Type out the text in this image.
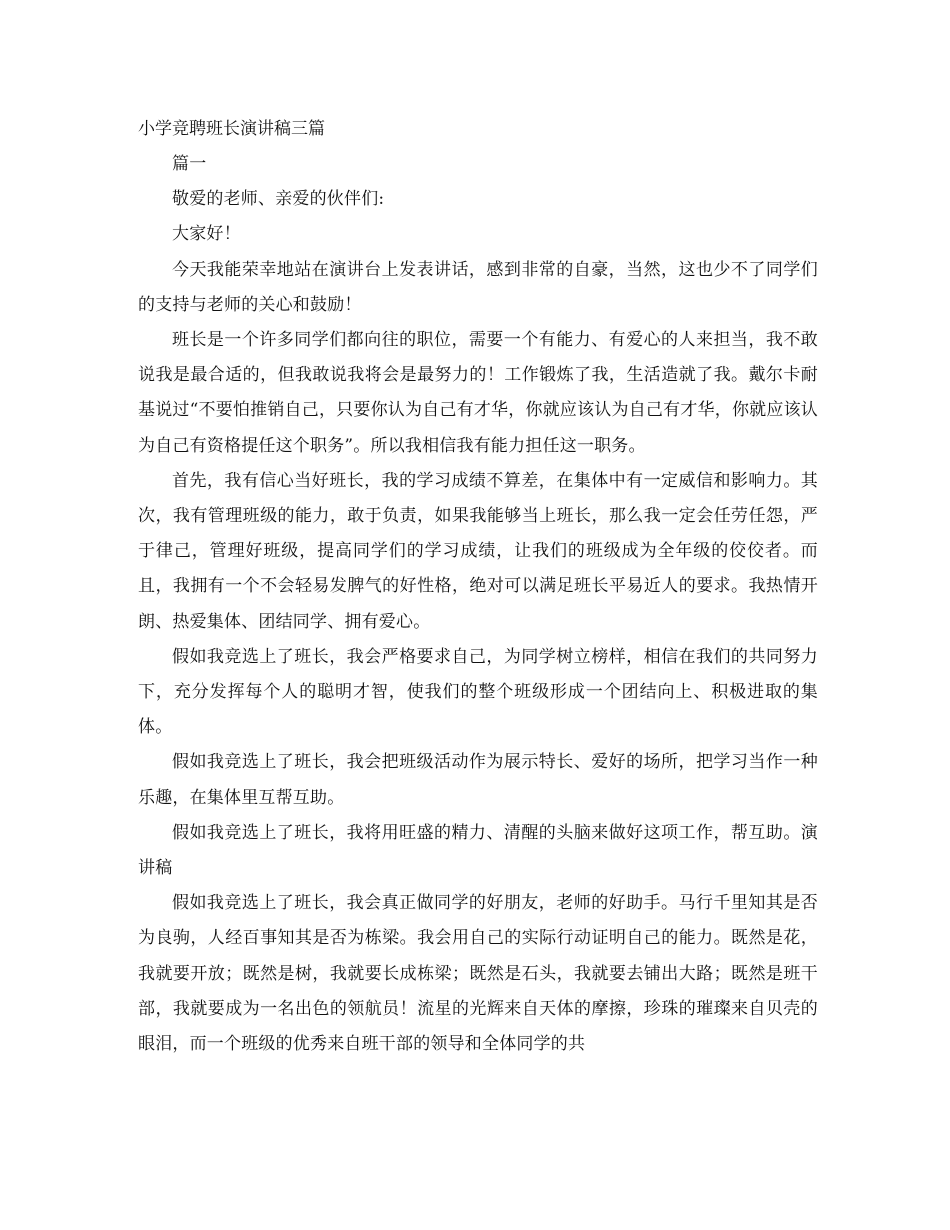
小学竞聘班长演讲稿三篇

篇一

敬爱的老师、亲爱的伙伴们:

大家好！

今天我能荣幸地站在演讲台上发表讲话，感到非常的自豪，当然，这也少不了同学们的支持与老师的关心和鼓励！

班长是一个许多同学们都向往的职位，需要一个有能力、有爱心的人来担当，我不敢说我是最合适的，但我敢说我将会是最努力的！工作锻炼了我，生活造就了我。戴尔卡耐基说过“不要怕推销自己，只要你认为自己有才华，你就应该认为自己有才华，你就应该认为自己有资格提任这个职务”。所以我相信我有能力担任这一职务。

首先，我有信心当好班长，我的学习成绩不算差，在集体中有一定威信和影响力。其次，我有管理班级的能力，敢于负责，如果我能够当上班长，那么我一定会任劳任怨，严于律己，管理好班级，提高同学们的学习成绩，让我们的班级成为全年级的佼佼者。而且，我拥有一个不会轻易发脾气的好性格，绝对可以满足班长平易近人的要求。我热情开朗、热爱集体、团结同学、拥有爱心。

假如我竞选上了班长，我会严格要求自己，为同学树立榜样，相信在我们的共同努力下，充分发挥每个人的聪明才智，使我们的整个班级形成一个团结向上、积极进取的集体。

假如我竞选上了班长，我会把班级活动作为展示特长、爱好的场所，把学习当作一种乐趣，在集体里互帮互助。

假如我竞选上了班长，我将用旺盛的精力、清醒的头脑来做好这项工作，帮互助。演讲稿

假如我竞选上了班长，我会真正做同学的好朋友，老师的好助手。马行千里知其是否为良驹，人经百事知其是否为栋梁。我会用自己的实际行动证明自己的能力。既然是花，我就要开放；既然是树，我就要长成栋梁；既然是石头，我就要去铺出大路；既然是班干部，我就要成为一名出色的领航员！流星的光辉来自天体的摩擦，珍珠的璀璨来自贝壳的眼泪，而一个班级的优秀来自班干部的领导和全体同学的共
